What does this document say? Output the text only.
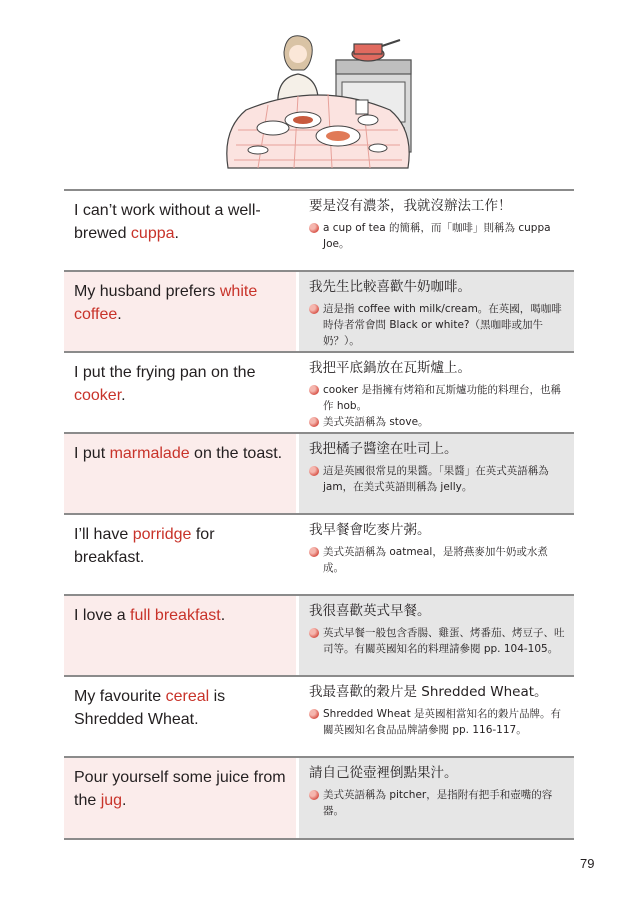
I can’t work without a well-brewed cuppa.
要是沒有濃茶，我就沒辦法工作！
a cup of tea 的簡稱，而「咖啡」則稱為 cuppa Joe。
My husband prefers white coffee.
我先生比較喜歡牛奶咖啡。
這是指 coffee with milk/cream。在英國，喝咖啡時侍者常會問 Black or white?（黑咖啡或加牛奶？）。
I put the frying pan on the cooker.
我把平底鍋放在瓦斯爐上。
cooker 是指擁有烤箱和瓦斯爐功能的料理台，也稱作 hob。
美式英語稱為 stove。
I put marmalade on the toast.	我把橘子醬塗在吐司上。
這是英國很常見的果醬。「果醬」在英式英語稱為 jam，在美式英語則稱為 jelly。
I’ll have porridge for breakfast.
我早餐會吃麥片粥。
美式英語稱為 oatmeal，是將燕麥加牛奶或水煮成。
I love a full breakfast.	我很喜歡英式早餐。
英式早餐一般包含香腸、雞蛋、烤番茄、烤豆子、吐司等。有關英國知名的料理請參閱 pp. 104-105。
My favourite cereal is Shredded Wheat.
我最喜歡的穀片是 Shredded Wheat。
Shredded Wheat 是英國相當知名的穀片品牌。有關英國知名食品品牌請參閱 pp. 116-117。
Pour yourself some juice from the jug.
請自己從壺裡倒點果汁。
美式英語稱為 pitcher，是指附有把手和壺嘴的容器。
79
